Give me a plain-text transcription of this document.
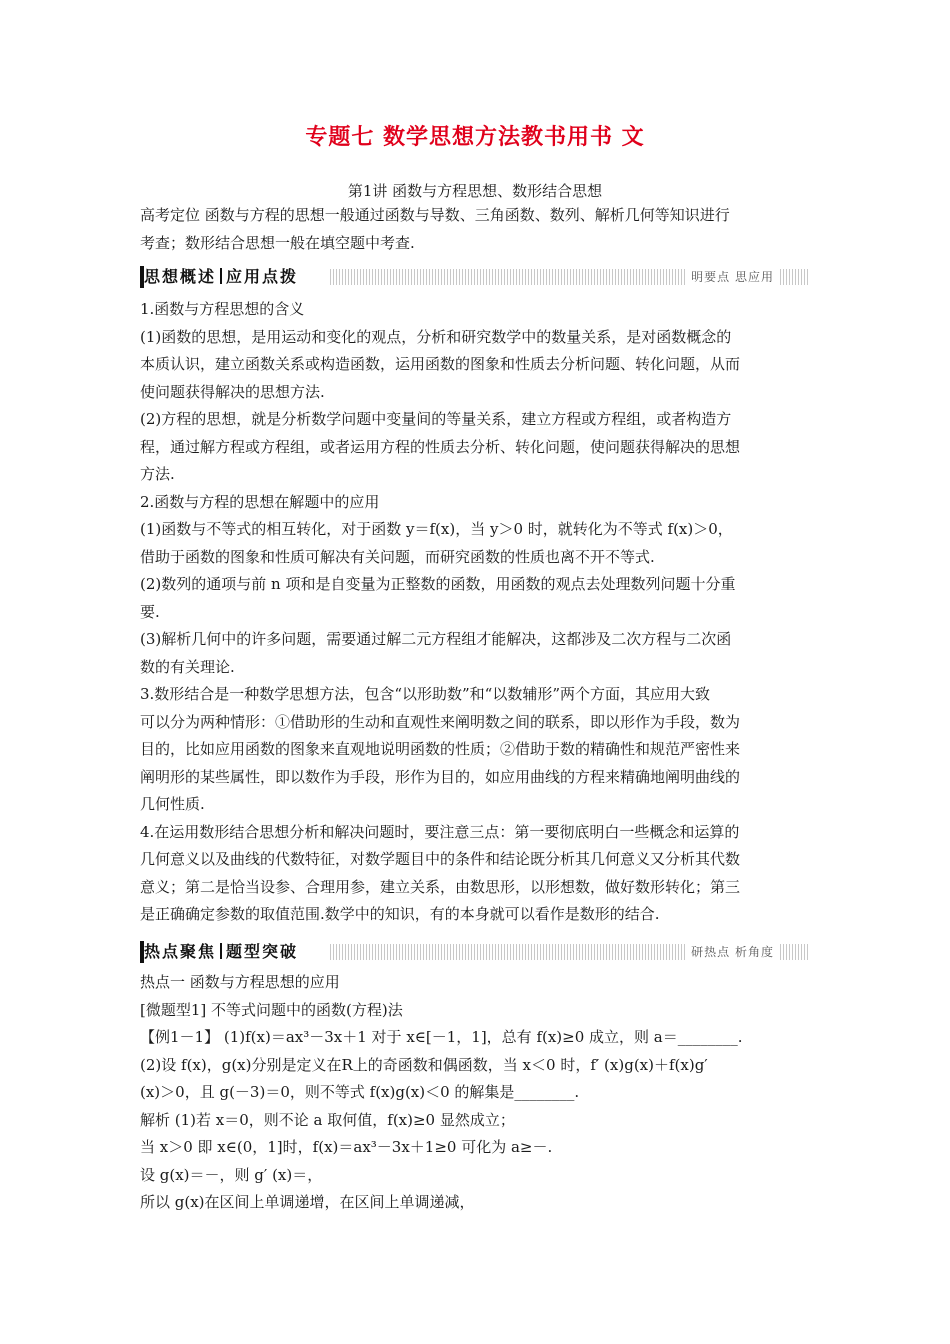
专题七 数学思想方法教书用书 文
第1讲 函数与方程思想、数形结合思想
高考定位 函数与方程的思想一般通过函数与导数、三角函数、数列、解析几何等知识进行
考查；数形结合思想一般在填空题中考查.
思想概述 应用点拨	明要点 思应用
1.函数与方程思想的含义
(1)函数的思想，是用运动和变化的观点，分析和研究数学中的数量关系，是对函数概念的
本质认识，建立函数关系或构造函数，运用函数的图象和性质去分析问题、转化问题，从而
使问题获得解决的思想方法.
(2)方程的思想，就是分析数学问题中变量间的等量关系，建立方程或方程组，或者构造方
程，通过解方程或方程组，或者运用方程的性质去分析、转化问题，使问题获得解决的思想
方法.
2.函数与方程的思想在解题中的应用
(1)函数与不等式的相互转化，对于函数 y＝f(x)，当 y＞0 时，就转化为不等式 f(x)＞0，
借助于函数的图象和性质可解决有关问题，而研究函数的性质也离不开不等式.
(2)数列的通项与前 n 项和是自变量为正整数的函数，用函数的观点去处理数列问题十分重
要.
(3)解析几何中的许多问题，需要通过解二元方程组才能解决，这都涉及二次方程与二次函
数的有关理论.
3.数形结合是一种数学思想方法，包含“以形助数”和“以数辅形”两个方面，其应用大致
可以分为两种情形：①借助形的生动和直观性来阐明数之间的联系，即以形作为手段，数为
目的，比如应用函数的图象来直观地说明函数的性质；②借助于数的精确性和规范严密性来
阐明形的某些属性，即以数作为手段，形作为目的，如应用曲线的方程来精确地阐明曲线的
几何性质.
4.在运用数形结合思想分析和解决问题时，要注意三点：第一要彻底明白一些概念和运算的
几何意义以及曲线的代数特征，对数学题目中的条件和结论既分析其几何意义又分析其代数
意义；第二是恰当设参、合理用参，建立关系，由数思形，以形想数，做好数形转化；第三
是正确确定参数的取值范围.数学中的知识，有的本身就可以看作是数形的结合.
热点聚焦 题型突破	研热点 析角度
热点一 函数与方程思想的应用
[微题型1] 不等式问题中的函数(方程)法
【例1－1】 (1)f(x)＝ax³－3x＋1 对于 x∈[－1，1]，总有 f(x)≥0 成立，则 a＝________.
(2)设 f(x)，g(x)分别是定义在R上的奇函数和偶函数，当 x＜0 时，f′ (x)g(x)＋f(x)g′
(x)＞0，且 g(－3)＝0，则不等式 f(x)g(x)＜0 的解集是________.
解析 (1)若 x＝0，则不论 a 取何值，f(x)≥0 显然成立；
当 x＞0 即 x∈(0，1]时，f(x)＝ax³－3x＋1≥0 可化为 a≥－.
设 g(x)＝－，则 g′ (x)＝，
所以 g(x)在区间上单调递增，在区间上单调递减，
